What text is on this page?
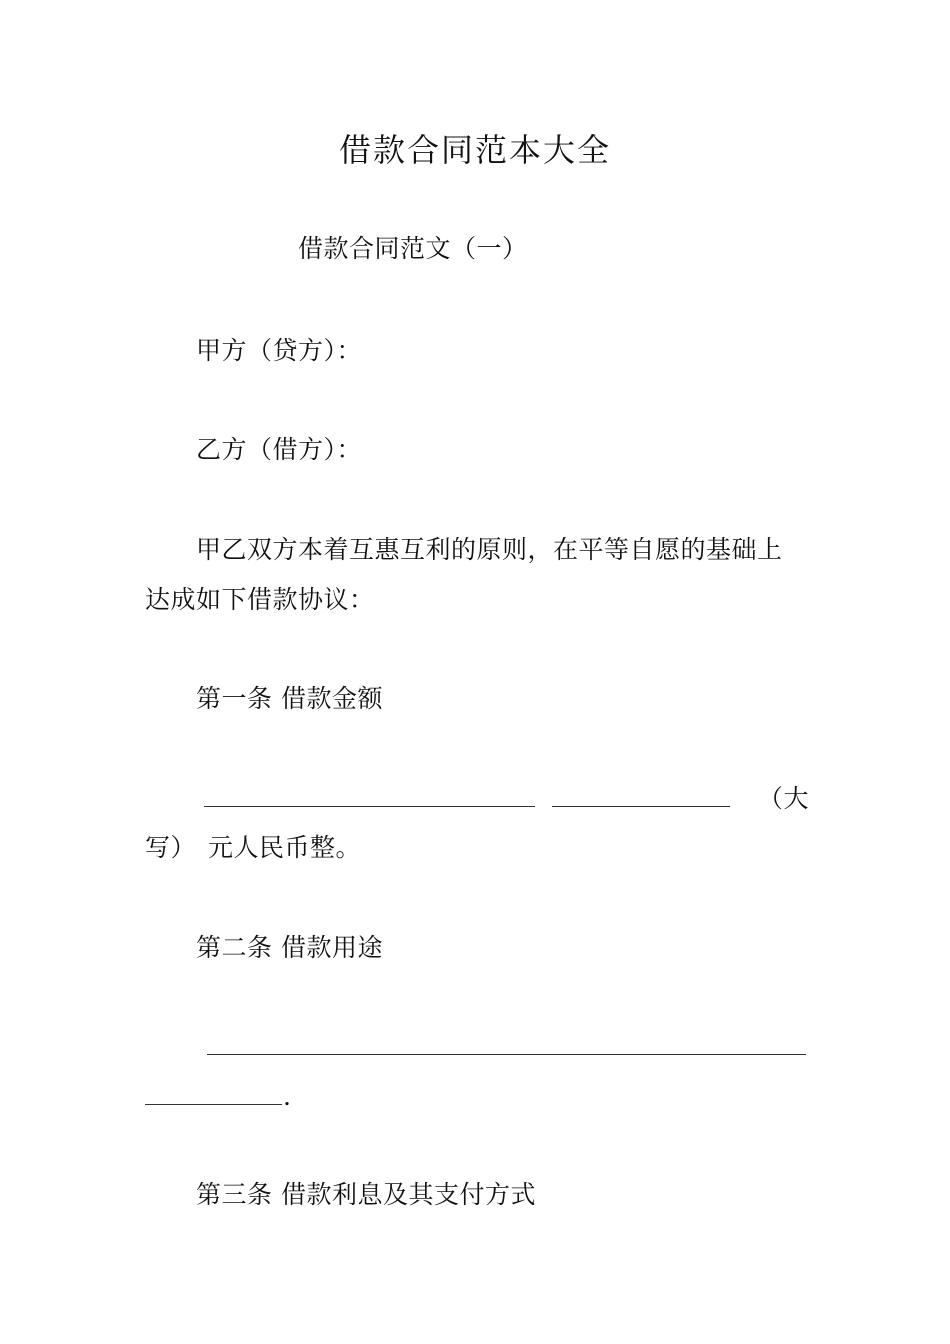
借款合同范本大全
借款合同范文（一）
甲方（贷方）：
乙方（借方）：
甲乙双方本着互惠互利的原则，在平等自愿的基础上
达成如下借款协议：
第一条 借款金额
（大
写） 元人民币整。
第二条 借款用途
.
第三条 借款利息及其支付方式
